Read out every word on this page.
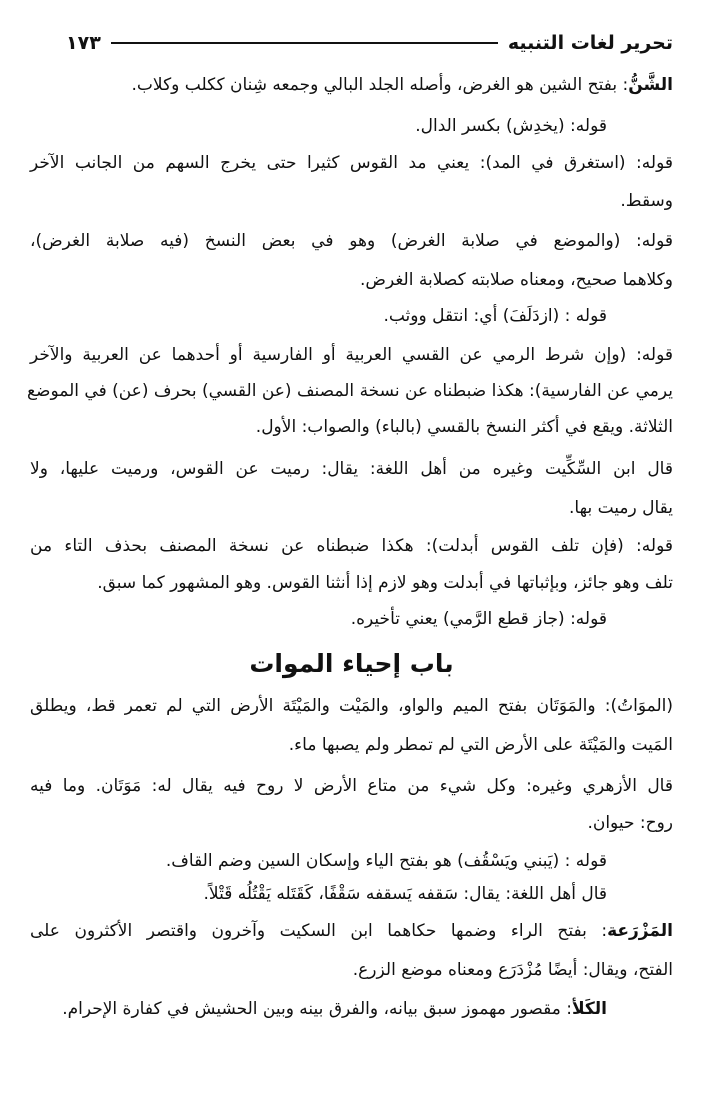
تحرير لغات التنبيه
١٧٣
الشَّنُّ: بفتح الشين هو الغرض، وأصله الجلد البالي وجمعه شِنان ككلب وكلاب.
قوله: (يخدِش) بكسر الدال.
قوله: (استغرق في المد): يعني مد القوس كثيرا حتى يخرج السهم من الجانب الآخر
وسقط.
قوله: (والموضع في صلابة الغرض) وهو في بعض النسخ (فيه صلابة الغرض)،
وكلاهما صحيح، ومعناه صلابته كصلابة الغرض.
قوله : (ازدَلَفَ) أي: انتقل ووثب.
قوله: (وإن شرط الرمي عن القسي العربية أو الفارسية أو أحدهما عن العربية والآخر
يرمي عن الفارسية): هكذا ضبطناه عن نسخة المصنف (عن القسي) بحرف (عن) في الموضع
الثلاثة. ويقع في أكثر النسخ بالقسي (بالباء) والصواب: الأول.
قال ابن السِّكِّيت وغيره من أهل اللغة: يقال: رميت عن القوس، ورميت عليها، ولا
يقال رميت بها.
قوله: (فإن تلف القوس أبدلت): هكذا ضبطناه عن نسخة المصنف بحذف التاء من
تلف وهو جائز، وبإثباتها في أبدلت وهو لازم إذا أنثنا القوس. وهو المشهور كما سبق.
قوله: (جاز قطع الرَّمي) يعني تأخيره.
باب إحياء الموات
(الموَاتُ): والمَوَتَان بفتح الميم والواو، والمَيْت والمَيْتَة الأرض التي لم تعمر قط، ويطلق
المَيت والمَيْتَة على الأرض التي لم تمطر ولم يصبها ماء.
قال الأزهري وغيره: وكل شيء من متاع الأرض لا روح فيه يقال له: مَوَتَان. وما فيه
روح: حيوان.
قوله : (يَبني ويَسْقُف) هو بفتح الياء وإسكان السين وضم القاف.
قال أهل اللغة: يقال: سَقفه يَسقفه سَقْفًا، كَقَتَله يَقْتُلُه قَتْلاً.
المَزْرَعة: بفتح الراء وضمها حكاهما ابن السكيت وآخرون واقتصر الأكثرون على
الفتح، ويقال: أيضًا مُزْدَرَع ومعناه موضع الزرع.
الكَلأ: مقصور مهموز سبق بيانه، والفرق بينه وبين الحشيش في كفارة الإحرام.
